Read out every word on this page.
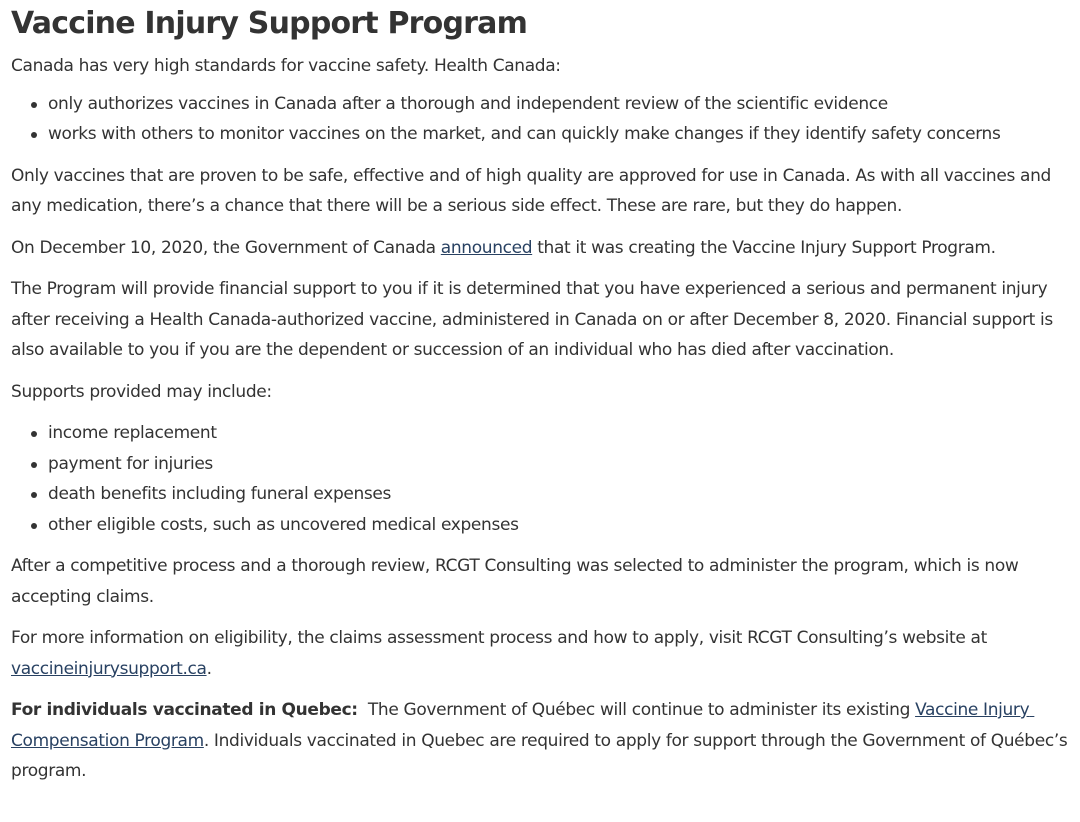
Vaccine Injury Support Program

Canada has very high standards for vaccine safety. Health Canada:

only authorizes vaccines in Canada after a thorough and independent review of the scientific evidence
works with others to monitor vaccines on the market, and can quickly make changes if they identify safety concerns

Only vaccines that are proven to be safe, effective and of high quality are approved for use in Canada. As with all vaccines and any medication, there’s a chance that there will be a serious side effect. These are rare, but they do happen.

On December 10, 2020, the Government of Canada announced that it was creating the Vaccine Injury Support Program.

The Program will provide financial support to you if it is determined that you have experienced a serious and permanent injury after receiving a Health Canada-authorized vaccine, administered in Canada on or after December 8, 2020. Financial support is also available to you if you are the dependent or succession of an individual who has died after vaccination.

Supports provided may include:

income replacement
payment for injuries
death benefits including funeral expenses
other eligible costs, such as uncovered medical expenses

After a competitive process and a thorough review, RCGT Consulting was selected to administer the program, which is now accepting claims.

For more information on eligibility, the claims assessment process and how to apply, visit RCGT Consulting’s website at vaccineinjurysupport.ca.

For individuals vaccinated in Quebec:  The Government of Québec will continue to administer its existing Vaccine Injury Compensation Program. Individuals vaccinated in Quebec are required to apply for support through the Government of Québec’s program.
